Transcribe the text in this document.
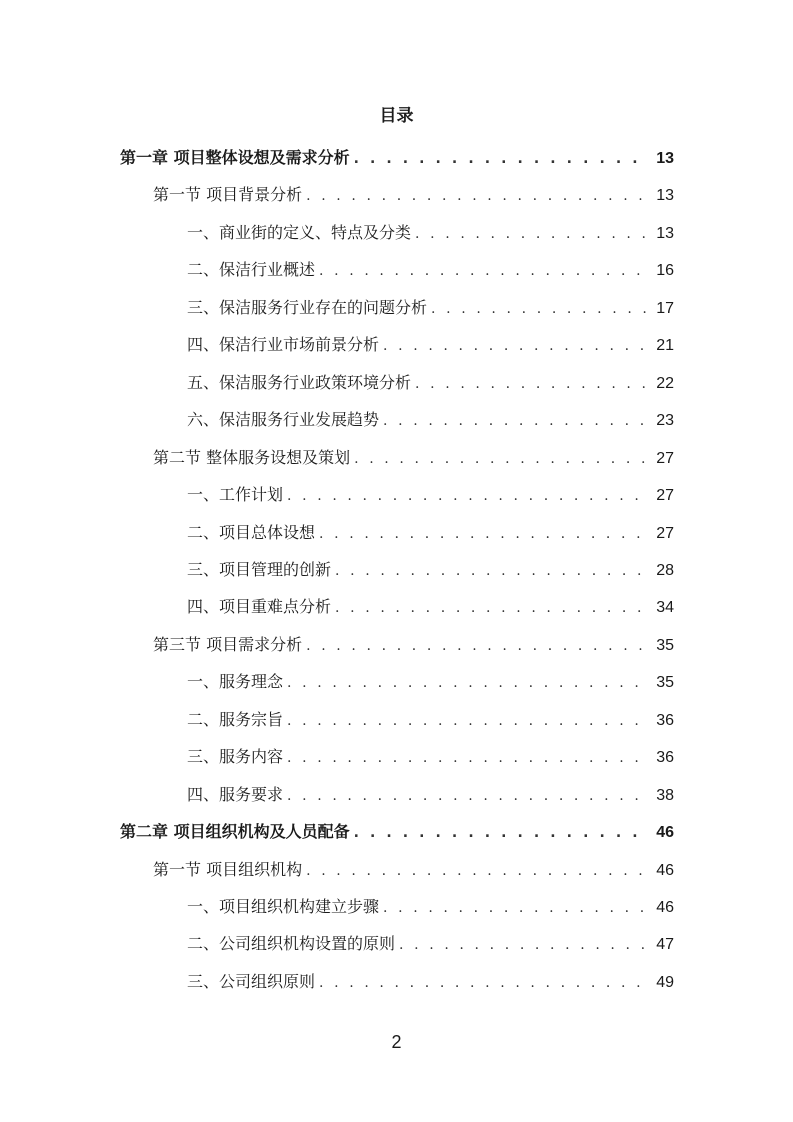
目录
第一章 项目整体设想及需求分析 . . .	13
第一节 项目背景分析 . . .	13
一、商业街的定义、特点及分类 . . .	13
二、保洁行业概述 . . .	16
三、保洁服务行业存在的问题分析 . . .	17
四、保洁行业市场前景分析 . . .	21
五、保洁服务行业政策环境分析 . . .	22
六、保洁服务行业发展趋势 . . .	23
第二节 整体服务设想及策划 . . .	27
一、工作计划 . . .	27
二、项目总体设想 . . .	27
三、项目管理的创新 . . .	28
四、项目重难点分析 . . .	34
第三节 项目需求分析 . . .	35
一、服务理念 . . .	35
二、服务宗旨 . . .	36
三、服务内容 . . .	36
四、服务要求 . . .	38
第二章 项目组织机构及人员配备 . . .	46
第一节 项目组织机构 . . .	46
一、项目组织机构建立步骤 . . .	46
二、公司组织机构设置的原则 . . .	47
三、公司组织原则 . . .	49
2
